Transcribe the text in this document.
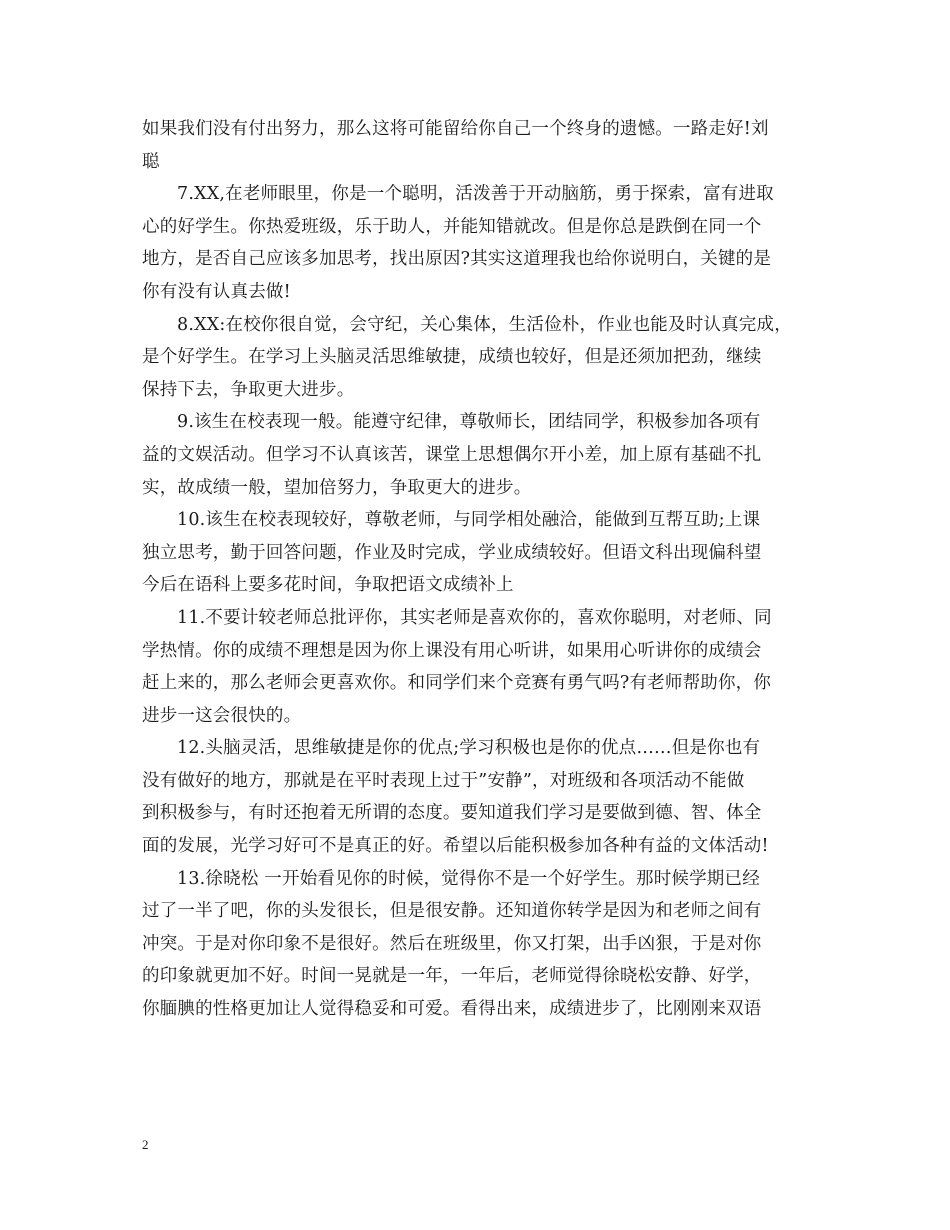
如果我们没有付出努力，那么这将可能留给你自己一个终身的遗憾。一路走好!刘
聪
7.XX,在老师眼里，你是一个聪明，活泼善于开动脑筋，勇于探索，富有进取
心的好学生。你热爱班级，乐于助人，并能知错就改。但是你总是跌倒在同一个
地方，是否自己应该多加思考，找出原因?其实这道理我也给你说明白，关键的是
你有没有认真去做!
8.XX:在校你很自觉，会守纪，关心集体，生活俭朴，作业也能及时认真完成，
是个好学生。在学习上头脑灵活思维敏捷，成绩也较好，但是还须加把劲，继续
保持下去，争取更大进步。
9.该生在校表现一般。能遵守纪律，尊敬师长，团结同学，积极参加各项有
益的文娱活动。但学习不认真该苦，课堂上思想偶尔开小差，加上原有基础不扎
实，故成绩一般，望加倍努力，争取更大的进步。
10.该生在校表现较好，尊敬老师，与同学相处融洽，能做到互帮互助;上课
独立思考，勤于回答问题，作业及时完成，学业成绩较好。但语文科出现偏科望
今后在语科上要多花时间，争取把语文成绩补上
11.不要计较老师总批评你，其实老师是喜欢你的，喜欢你聪明，对老师、同
学热情。你的成绩不理想是因为你上课没有用心听讲，如果用心听讲你的成绩会
赶上来的，那么老师会更喜欢你。和同学们来个竞赛有勇气吗?有老师帮助你，你
进步一这会很快的。
12.头脑灵活，思维敏捷是你的优点;学习积极也是你的优点……但是你也有
没有做好的地方，那就是在平时表现上过于”安静”，对班级和各项活动不能做
到积极参与，有时还抱着无所谓的态度。要知道我们学习是要做到德、智、体全
面的发展，光学习好可不是真正的好。希望以后能积极参加各种有益的文体活动!
13.徐晓松 一开始看见你的时候，觉得你不是一个好学生。那时候学期已经
过了一半了吧，你的头发很长，但是很安静。还知道你转学是因为和老师之间有
冲突。于是对你印象不是很好。然后在班级里，你又打架，出手凶狠，于是对你
的印象就更加不好。时间一晃就是一年，一年后，老师觉得徐晓松安静、好学，
你腼腆的性格更加让人觉得稳妥和可爱。看得出来，成绩进步了，比刚刚来双语
2
